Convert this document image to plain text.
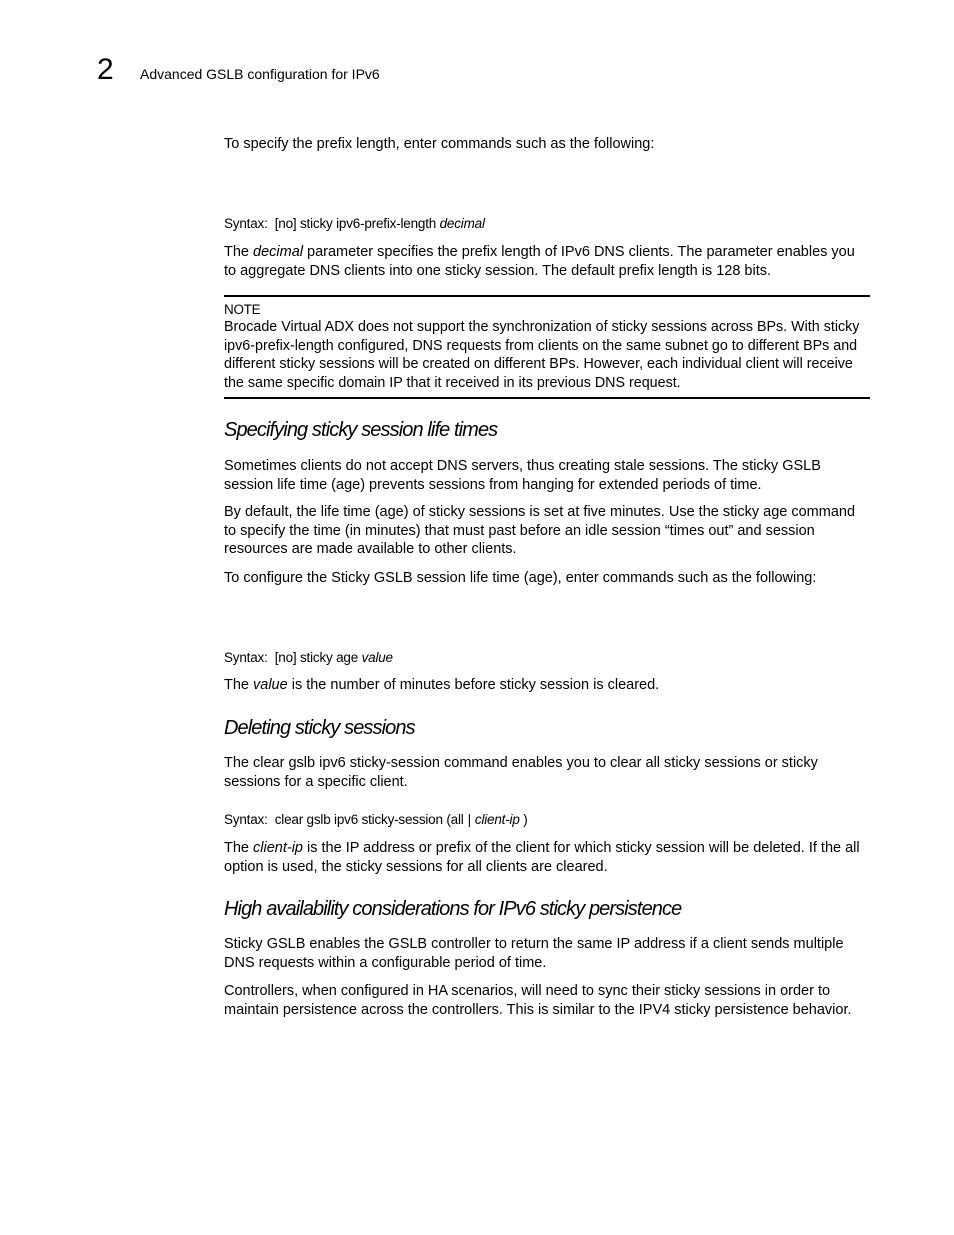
2 Advanced GSLB configuration for IPv6

To specify the prefix length, enter commands such as the following:

Syntax: [no] sticky ipv6-prefix-length decimal

The decimal parameter specifies the prefix length of IPv6 DNS clients. The parameter enables you to aggregate DNS clients into one sticky session. The default prefix length is 128 bits.

NOTE
Brocade Virtual ADX does not support the synchronization of sticky sessions across BPs. With sticky ipv6-prefix-length configured, DNS requests from clients on the same subnet go to different BPs and different sticky sessions will be created on different BPs. However, each individual client will receive the same specific domain IP that it received in its previous DNS request.
Specifying sticky session life times

Sometimes clients do not accept DNS servers, thus creating stale sessions. The sticky GSLB session life time (age) prevents sessions from hanging for extended periods of time.

By default, the life time (age) of sticky sessions is set at five minutes. Use the sticky age command to specify the time (in minutes) that must past before an idle session “times out” and session resources are made available to other clients.

To configure the Sticky GSLB session life time (age), enter commands such as the following:

Syntax: [no] sticky age value

The value is the number of minutes before sticky session is cleared.

Deleting sticky sessions

The clear gslb ipv6 sticky-session command enables you to clear all sticky sessions or sticky sessions for a specific client.

Syntax: clear gslb ipv6 sticky-session (all | client-ip )

The client-ip is the IP address or prefix of the client for which sticky session will be deleted. If the all option is used, the sticky sessions for all clients are cleared.

High availability considerations for IPv6 sticky persistence

Sticky GSLB enables the GSLB controller to return the same IP address if a client sends multiple DNS requests within a configurable period of time.

Controllers, when configured in HA scenarios, will need to sync their sticky sessions in order to maintain persistence across the controllers. This is similar to the IPV4 sticky persistence behavior.
